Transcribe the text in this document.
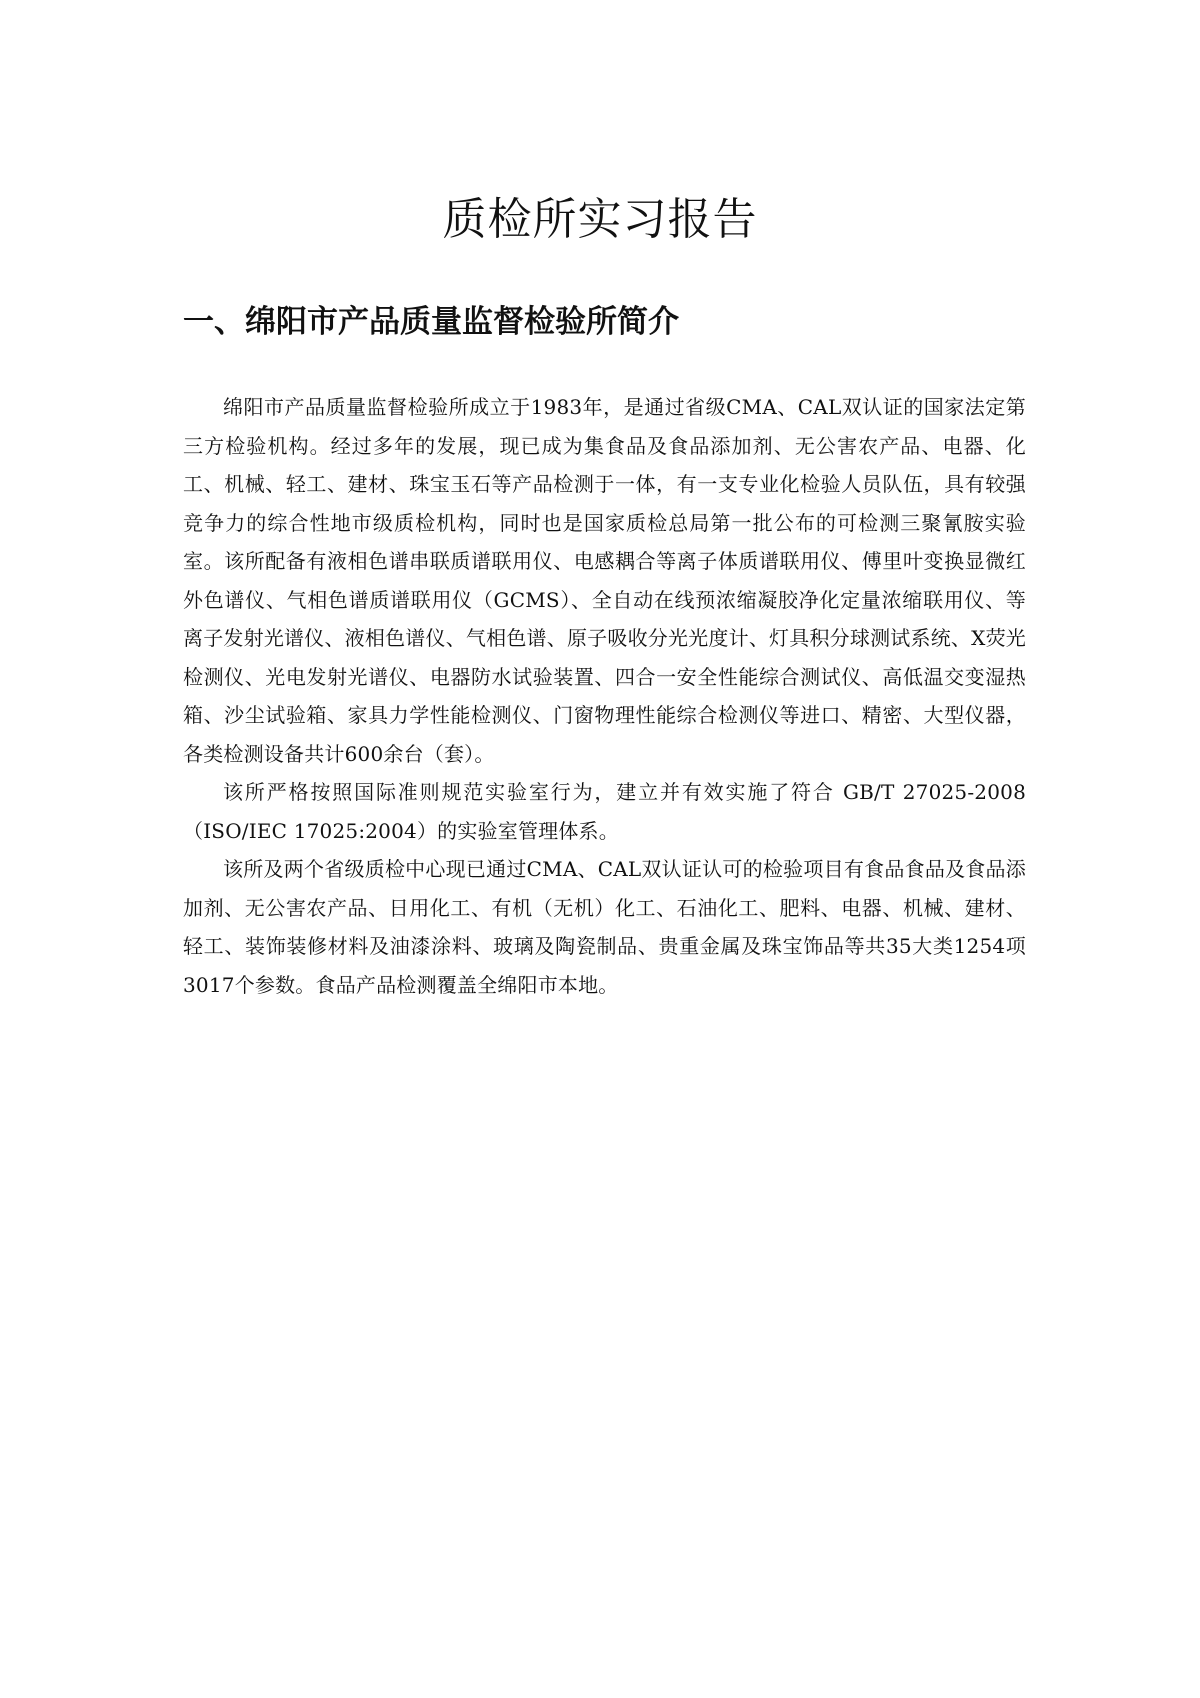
质检所实习报告
一、绵阳市产品质量监督检验所简介

绵阳市产品质量监督检验所成立于1983年，是通过省级CMA、CAL双认证的国家法定第三方检验机构。经过多年的发展，现已成为集食品及食品添加剂、无公害农产品、电器、化工、机械、轻工、建材、珠宝玉石等产品检测于一体，有一支专业化检验人员队伍，具有较强竞争力的综合性地市级质检机构，同时也是国家质检总局第一批公布的可检测三聚氰胺实验室。该所配备有液相色谱串联质谱联用仪、电感耦合等离子体质谱联用仪、傅里叶变换显微红外色谱仪、气相色谱质谱联用仪（GCMS）、全自动在线预浓缩凝胶净化定量浓缩联用仪、等离子发射光谱仪、液相色谱仪、气相色谱、原子吸收分光光度计、灯具积分球测试系统、X荧光检测仪、光电发射光谱仪、电器防水试验装置、四合一安全性能综合测试仪、高低温交变湿热箱、沙尘试验箱、家具力学性能检测仪、门窗物理性能综合检测仪等进口、精密、大型仪器，各类检测设备共计600余台（套）。

该所严格按照国际准则规范实验室行为，建立并有效实施了符合 GB/T 27025-2008（ISO/IEC 17025:2004）的实验室管理体系。

该所及两个省级质检中心现已通过CMA、CAL双认证认可的检验项目有食品食品及食品添加剂、无公害农产品、日用化工、有机（无机）化工、石油化工、肥料、电器、机械、建材、轻工、装饰装修材料及油漆涂料、玻璃及陶瓷制品、贵重金属及珠宝饰品等共35大类1254项3017个参数。食品产品检测覆盖全绵阳市本地。
